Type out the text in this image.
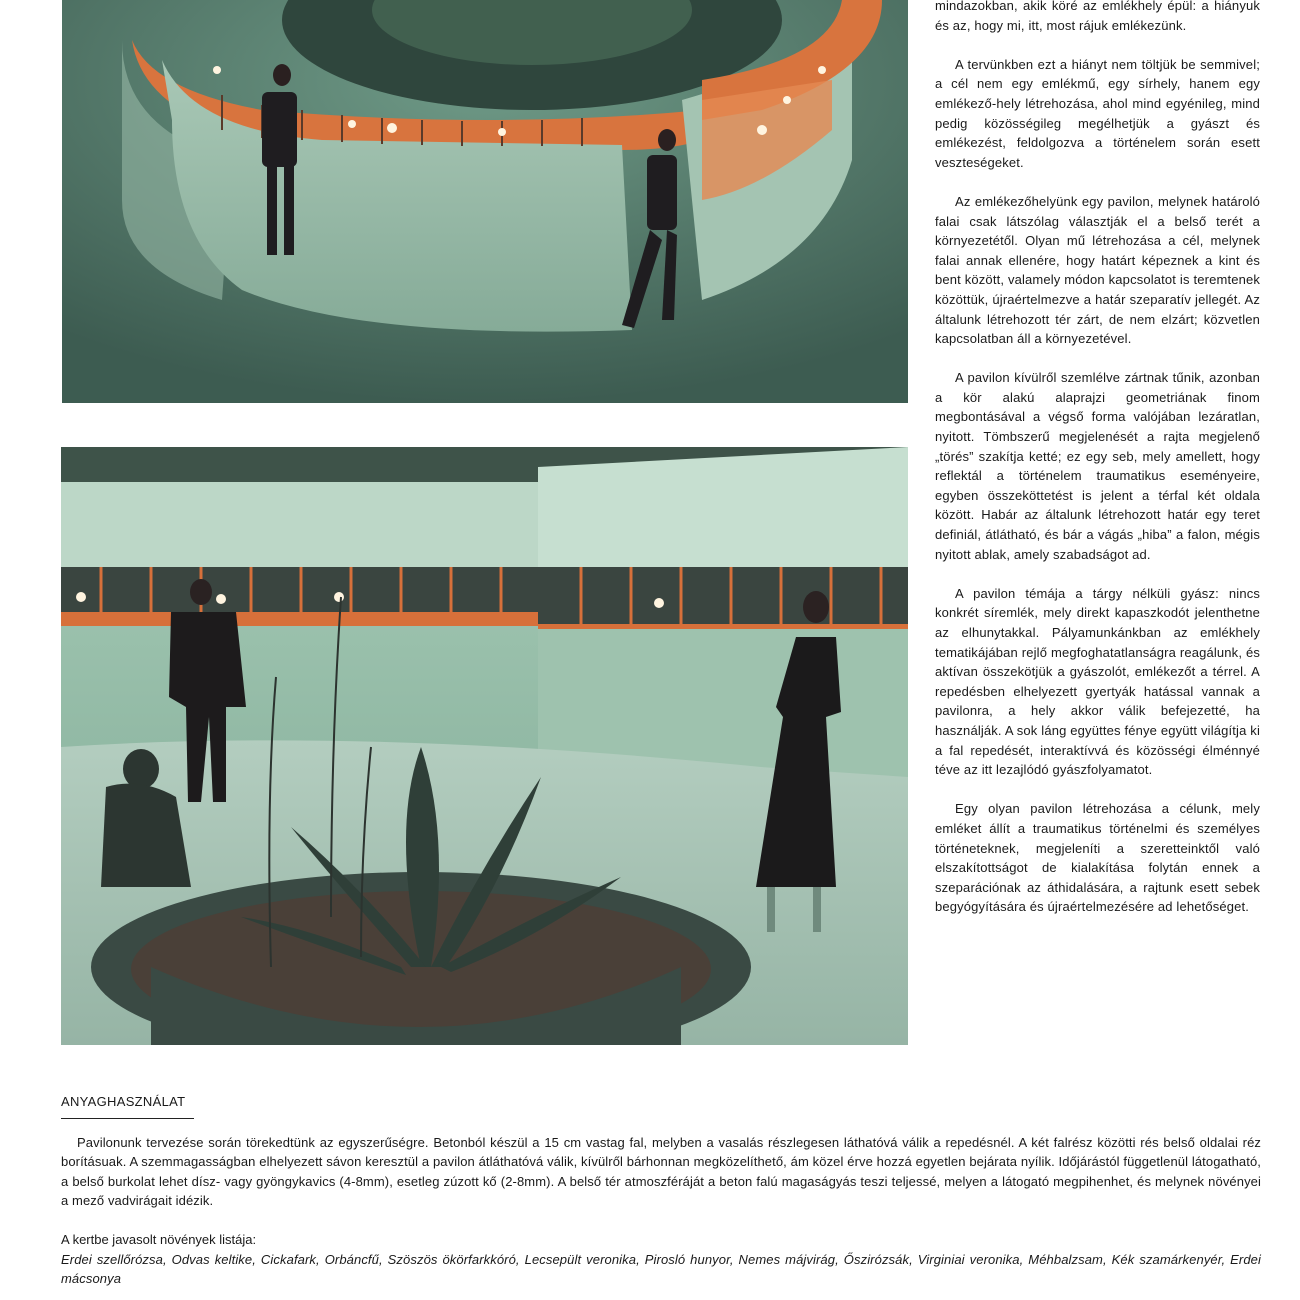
mindazokban, akik köré az emlékhely épül: a hiányuk és az, hogy mi, itt, most rájuk emlékezünk.

A tervünkben ezt a hiányt nem töltjük be semmivel; a cél nem egy emlékmű, egy sírhely, hanem egy emlékező-hely létrehozása, ahol mind egyénileg, mind pedig közösségileg megélhetjük a gyászt és emlékezést, feldolgozva a történelem során esett veszteségeket.

Az emlékezőhelyünk egy pavilon, melynek határoló falai csak látszólag választják el a belső terét a környezetétől. Olyan mű létrehozása a cél, melynek falai annak ellenére, hogy határt képeznek a kint és bent között, valamely módon kapcsolatot is teremtenek közöttük, újraértelmezve a határ szeparatív jellegét. Az általunk létrehozott tér zárt, de nem elzárt; közvetlen kapcsolatban áll a környezetével.

A pavilon kívülről szemlélve zártnak tűnik, azonban a kör alakú alaprajzi geometriának finom megbontásával a végső forma valójában lezáratlan, nyitott. Tömbszerű megjelenését a rajta megjelenő „törés” szakítja ketté; ez egy seb, mely amellett, hogy reflektál a történelem traumatikus eseményeire, egyben összeköttetést is jelent a térfal két oldala között. Habár az általunk létrehozott határ egy teret definiál, átlátható, és bár a vágás „hiba” a falon, mégis nyitott ablak, amely szabadságot ad.

A pavilon témája a tárgy nélküli gyász: nincs konkrét síremlék, mely direkt kapaszkodót jelenthetne az elhunytakkal. Pályamunkánkban az emlékhely tematikájában rejlő megfoghatatlanságra reagálunk, és aktívan összekötjük a gyászolót, emlékezőt a térrel. A repedésben elhelyezett gyertyák hatással vannak a pavilonra, a hely akkor válik befejezetté, ha használják. A sok láng együttes fénye együtt világítja ki a fal repedését, interaktívvá és közösségi élménnyé téve az itt lezajlódó gyászfolyamatot.

Egy olyan pavilon létrehozása a célunk, mely emléket állít a traumatikus történelmi és személyes történeteknek, megjeleníti a szeretteinktől való elszakítottságot de kialakítása folytán ennek a szeparációnak az áthidalására, a rajtunk esett sebek begyógyítására és újraértelmezésére ad lehetőséget.

ANYAGHASZNÁLAT

Pavilonunk tervezése során törekedtünk az egyszerűségre. Betonból készül a 15 cm vastag fal, melyben a vasalás részlegesen láthatóvá válik a repedésnél. A két falrész közötti rés belső oldalai réz borításuak. A szemmagasságban elhelyezett sávon keresztül a pavilon átláthatóvá válik, kívülről bárhonnan megközelíthető, ám közel érve hozzá egyetlen bejárata nyílik. Időjárástól függetlenül látogatható, a belső burkolat lehet dísz- vagy gyöngykavics (4-8mm), esetleg zúzott kő (2-8mm). A belső tér atmoszféráját a beton falú magaságyás teszi teljessé, melyen a látogató megpihenhet, és melynek növényei a mező vadvirágait idézik.

A kertbe javasolt növények listája:

Erdei szellőrózsa, Odvas keltike, Cickafark, Orbáncfű, Szöszös ökörfarkkóró, Lecsepült veronika, Pirosló hunyor, Nemes májvirág, Őszirózsák, Virginiai veronika, Méhbalzsam, Kék szamárkenyér, Erdei mácsonya
